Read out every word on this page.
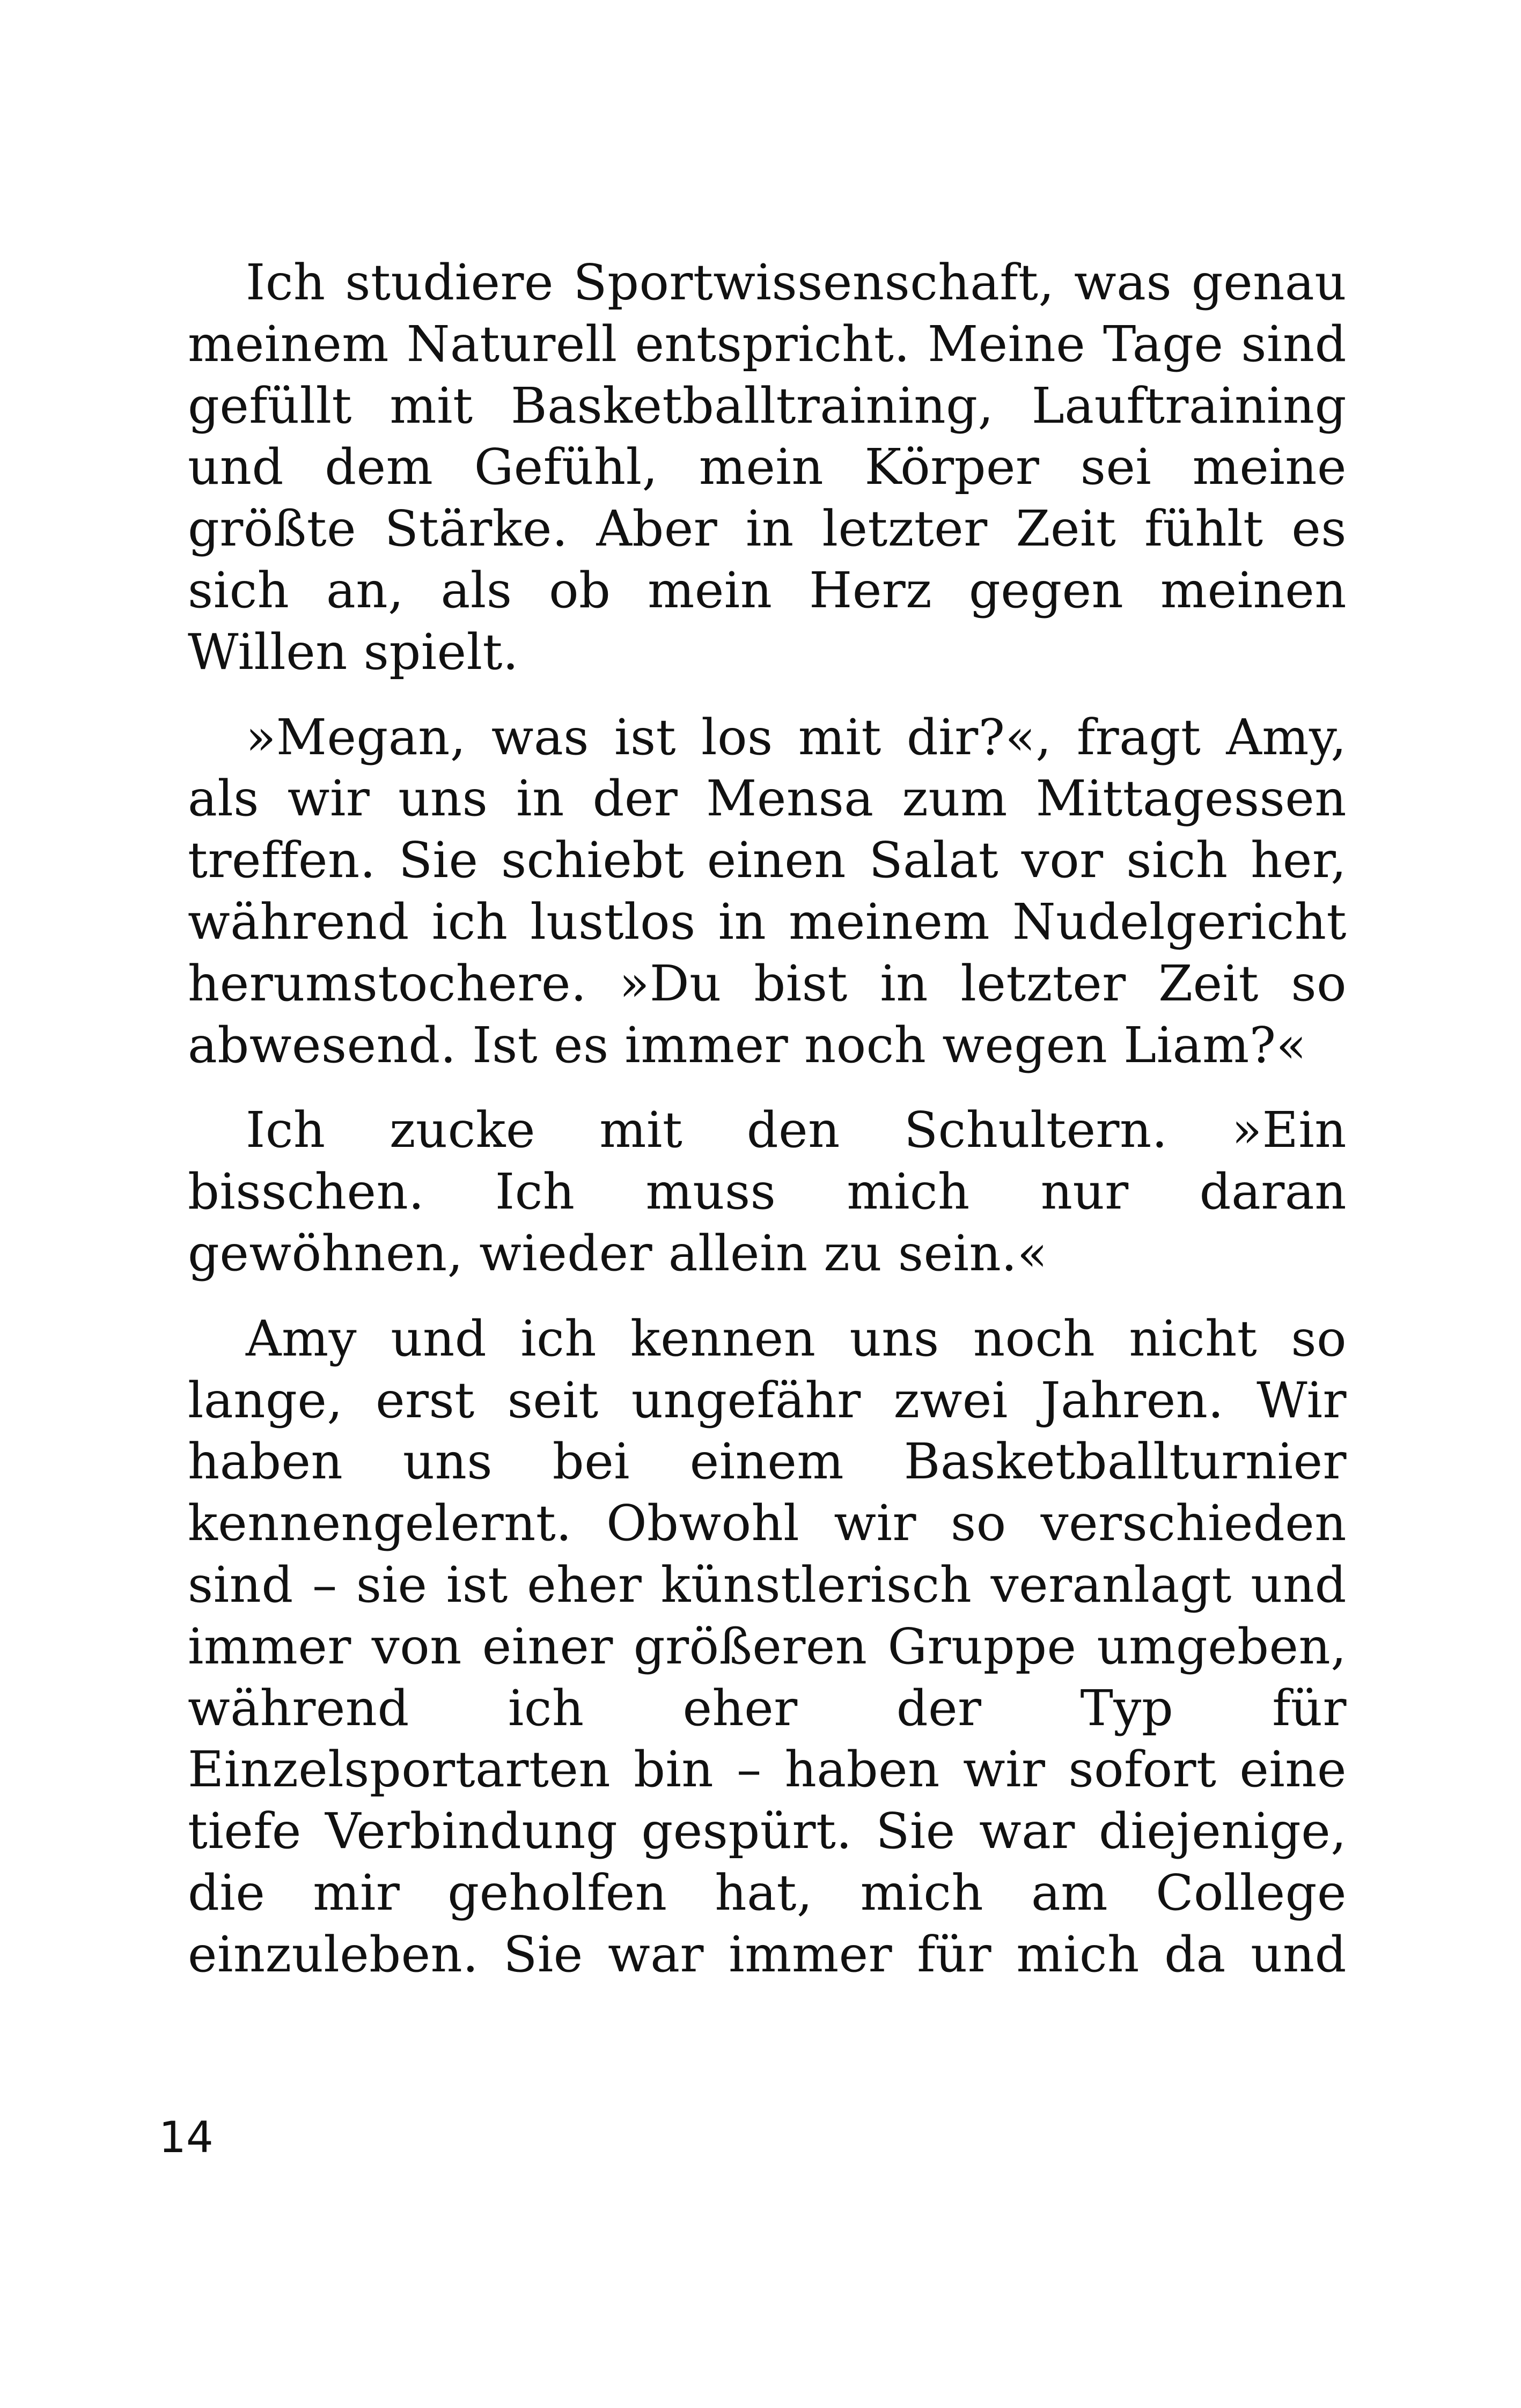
Ich studiere Sportwissenschaft, was genau meinem Naturell entspricht. Meine Tage sind gefüllt mit Basketballtraining, Lauftraining und dem Gefühl, mein Körper sei meine größte Stärke. Aber in letzter Zeit fühlt es sich an, als ob mein Herz gegen meinen Willen spielt.

»Megan, was ist los mit dir?«, fragt Amy, als wir uns in der Mensa zum Mittagessen treffen. Sie schiebt einen Salat vor sich her, während ich lustlos in meinem Nudelgericht herumstochere. »Du bist in letzter Zeit so abwesend. Ist es immer noch wegen Liam?«

Ich zucke mit den Schultern. »Ein bisschen. Ich muss mich nur daran gewöhnen, wieder allein zu sein.«

Amy und ich kennen uns noch nicht so lange, erst seit ungefähr zwei Jahren. Wir haben uns bei einem Basketballturnier kennengelernt. Obwohl wir so verschieden sind – sie ist eher künstlerisch veranlagt und immer von einer größeren Gruppe umgeben, während ich eher der Typ für Einzelsportarten bin – haben wir sofort eine tiefe Verbindung gespürt. Sie war diejenige, die mir geholfen hat, mich am College einzuleben. Sie war immer für mich da und

14
